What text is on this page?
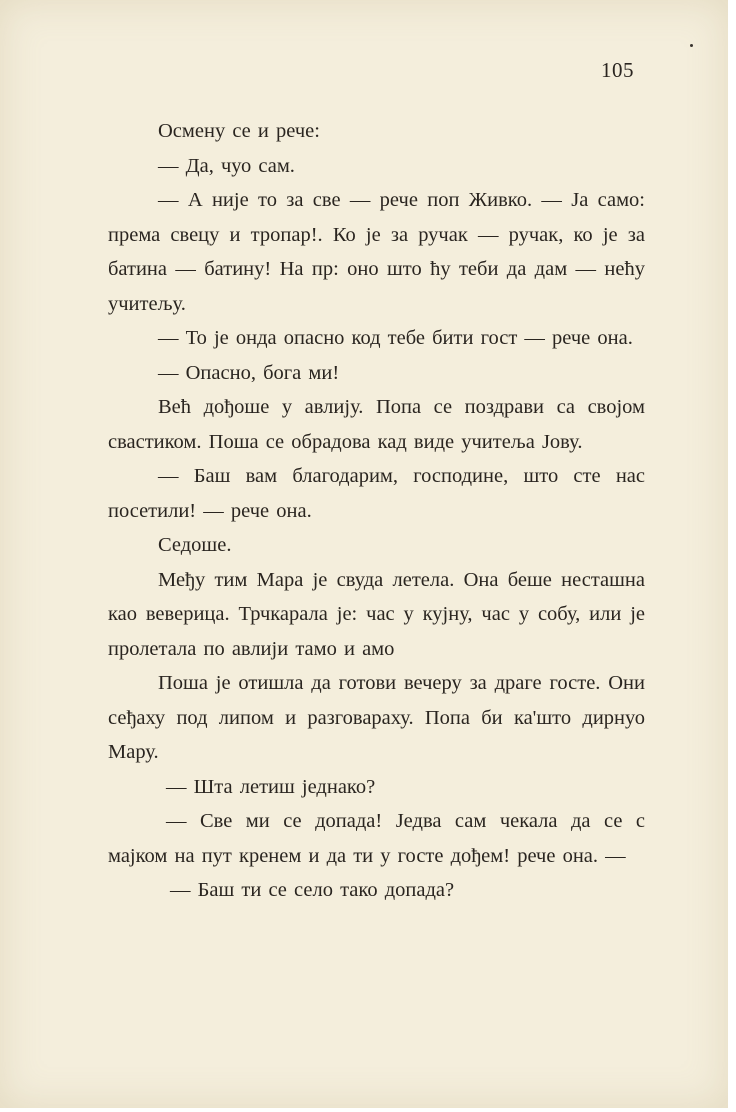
105

Осмену се и рече:

— Да, чуо сам.

— А није то за све — рече поп Живко. — Ја само: према свецу и тропар!. Ко је за ручак — ручак, ко је за батина — батину! На пр: оно што ћу теби да дам — нећу учитељу.

— То је онда опасно код тебе бити гост — рече она.

— Опасно, бога ми!

Већ дођоше у авлију. Попа се поздрави са својом свастиком. Поша се обрадова кад виде учитеља Јову.

— Баш вам благодарим, господине, што сте нас посетили! — рече она.

Седоше.

Међу тим Мара је свуда летела. Она беше несташна као веверица. Трчкарала је: час у кујну, час у собу, или је пролетала по авлији тамо и амо

Поша је отишла да готови вечеру за драге госте. Они сеђаху под липом и разговараху. Попа би ка'што дирнуо Мару.

— Шта летиш једнако?

— Све ми се допада! Једва сам чекала да се с мајком на пут кренем и да ти у госте дођем! рече она. —

— Баш ти се село тако допада?
